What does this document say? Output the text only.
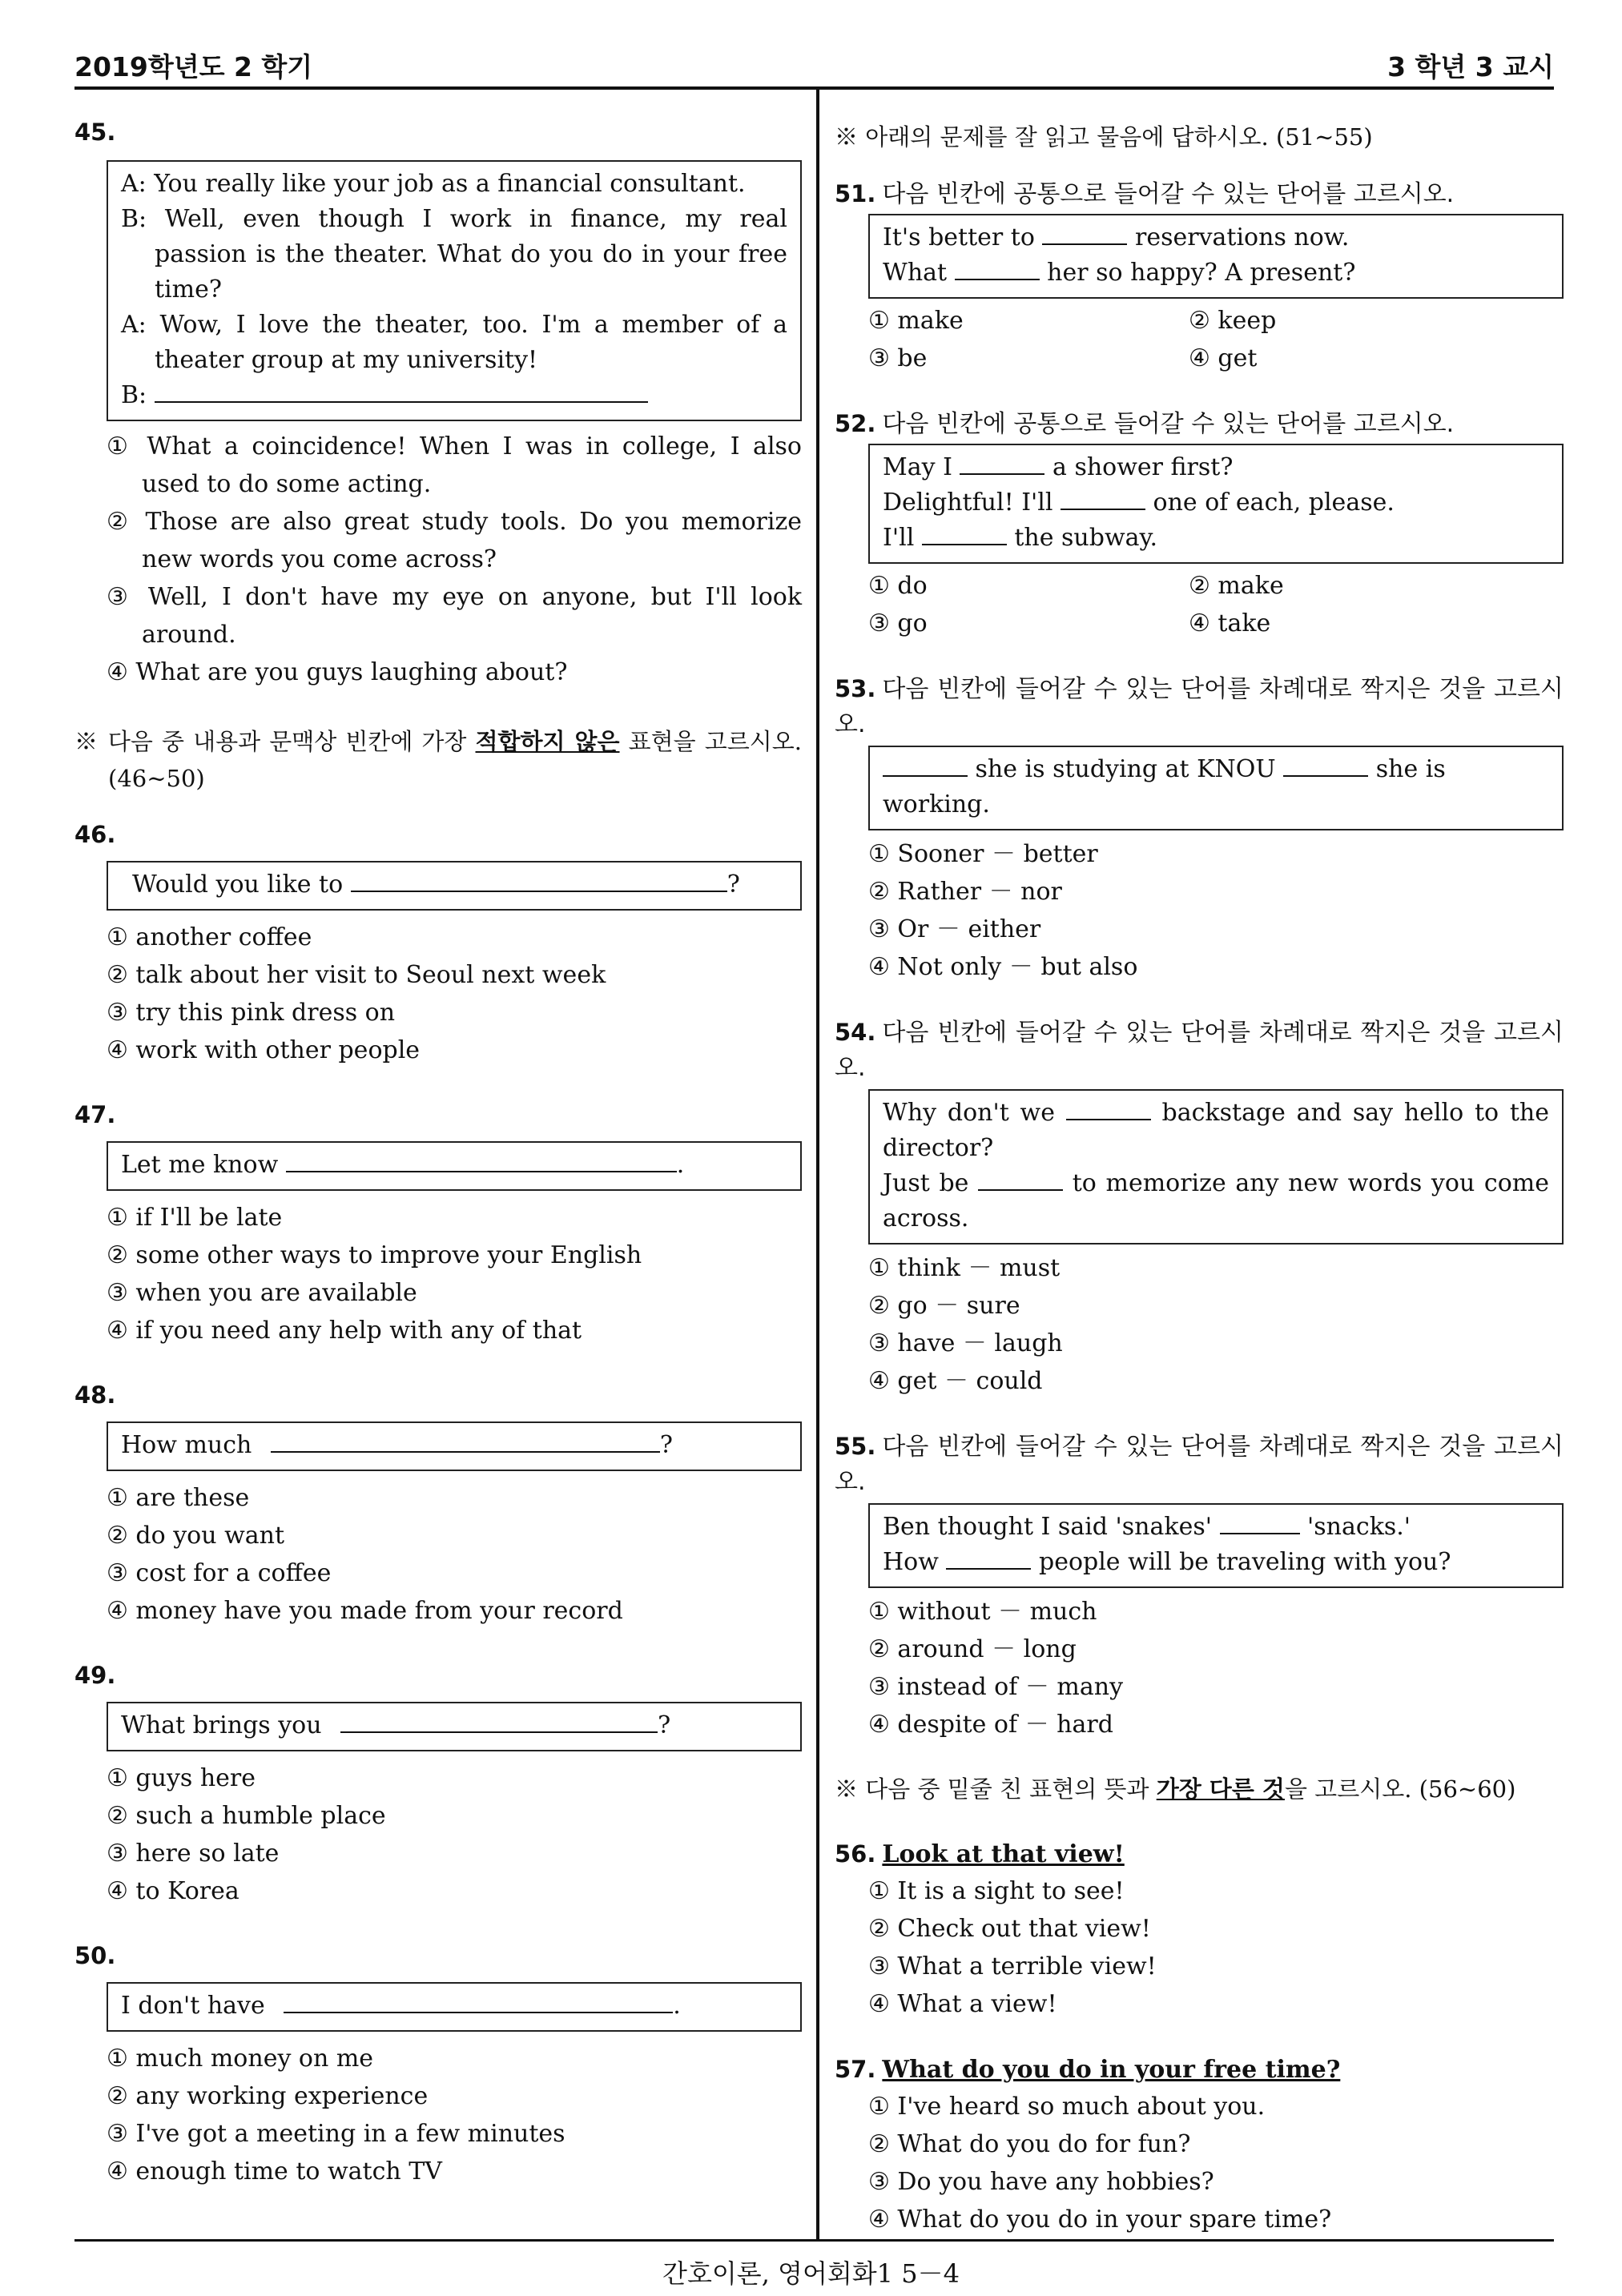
2019학년도 2 학기	3 학년 3 교시
45.
A: You really like your job as a financial consultant.
B: Well, even though I work in finance, my real passion is the theater. What do you do in your free time?
A: Wow, I love the theater, too. I'm a member of a theater group at my university!
B:
① What a coincidence! When I was in college, I also used to do some acting.
② Those are also great study tools. Do you memorize new words you come across?
③ Well, I don't have my eye on anyone, but I'll look around.
④ What are you guys laughing about?
※ 다음 중 내용과 문맥상 빈칸에 가장 적합하지 않은 표현을 고르시오. (46∼50)
46.
Would you like to	?
① another coffee
② talk about her visit to Seoul next week
③ try this pink dress on
④ work with other people
47.
Let me know	.
① if I'll be late
② some other ways to improve your English
③ when you are available
④ if you need any help with any of that
48.
How much	?
① are these
② do you want
③ cost for a coffee
④ money have you made from your record
49.
What brings you	?
① guys here
② such a humble place
③ here so late
④ to Korea
50.
I don't have	.
① much money on me
② any working experience
③ I've got a meeting in a few minutes
④ enough time to watch TV
※ 아래의 문제를 잘 읽고 물음에 답하시오. (51∼55)
51. 다음 빈칸에 공통으로 들어갈 수 있는 단어를 고르시오.
It's better to	reservations now.
What	her so happy? A present?
① make	② keep
③ be	④ get
52. 다음 빈칸에 공통으로 들어갈 수 있는 단어를 고르시오.
May I	a shower first?
Delightful! I'll	one of each, please.
I'll	the subway.
① do	② make
③ go	④ take
53. 다음 빈칸에 들어갈 수 있는 단어를 차례대로 짝지은 것을 고르시오.
she is studying at KNOU	she is working.
① Sooner － better
② Rather － nor
③ Or － either
④ Not only － but also
54. 다음 빈칸에 들어갈 수 있는 단어를 차례대로 짝지은 것을 고르시오.
Why don't we	backstage and say hello to the director?
Just be	to memorize any new words you come across.
① think － must
② go － sure
③ have － laugh
④ get － could
55. 다음 빈칸에 들어갈 수 있는 단어를 차례대로 짝지은 것을 고르시오.
Ben thought I said 'snakes'	'snacks.'
How	people will be traveling with you?
① without － much
② around － long
③ instead of － many
④ despite of － hard
※ 다음 중 밑줄 친 표현의 뜻과 가장 다른 것을 고르시오. (56∼60)
56. Look at that view!
① It is a sight to see!
② Check out that view!
③ What a terrible view!
④ What a view!
57. What do you do in your free time?
① I've heard so much about you.
② What do you do for fun?
③ Do you have any hobbies?
④ What do you do in your spare time?
간호이론, 영어회화1 5－4
